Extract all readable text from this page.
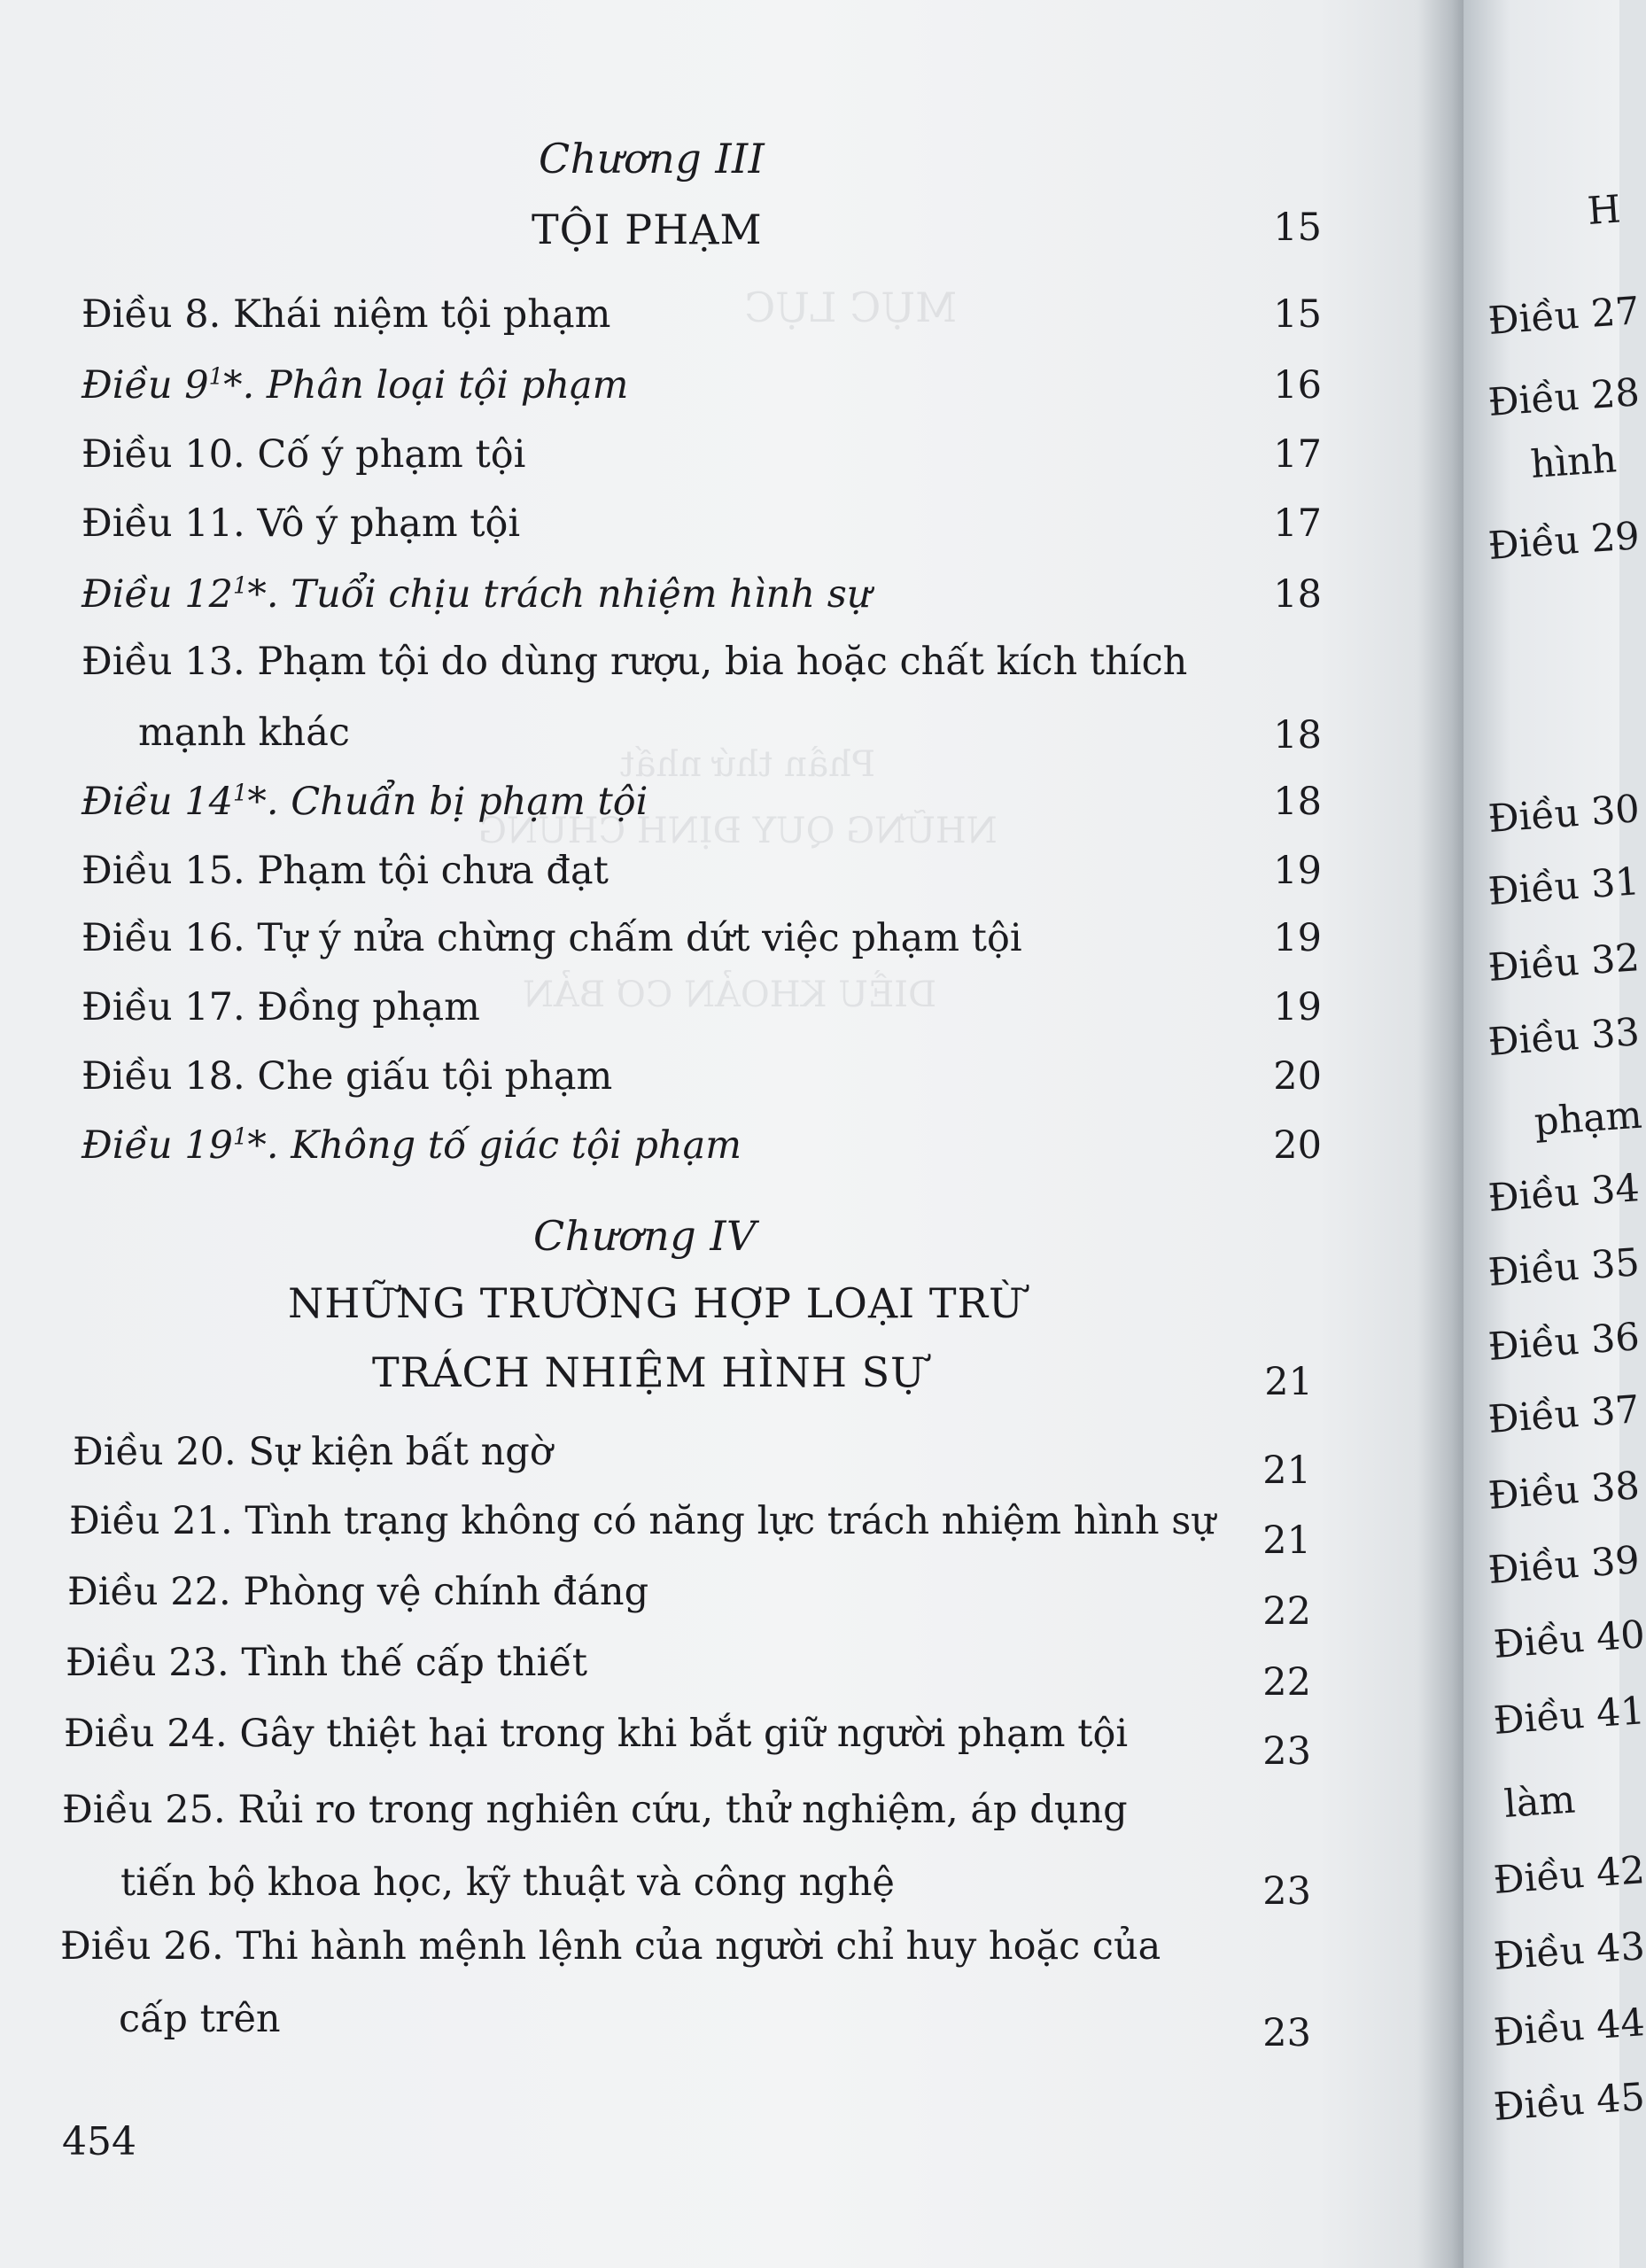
MỤC LỤC
Phần thứ nhất
NHỮNG QUY ĐỊNH CHUNG
DIỀU KHOẢN CƠ BẢN
Chương III
TỘI PHẠM	15
Điều 8. Khái niệm tội phạm	15
Điều $9^1*$. Phân loại tội phạm	16
Điều 10. Cố ý phạm tội	17
Điều 11. Vô ý phạm tội	17
Điều $12^1*$. Tuổi chịu trách nhiệm hình sự	18
Điều 13. Phạm tội do dùng rượu, bia hoặc chất kích thích
mạnh khác	18
Điều $14^1*$. Chuẩn bị phạm tội	18
Điều 15. Phạm tội chưa đạt	19
Điều 16. Tự ý nửa chừng chấm dứt việc phạm tội	19
Điều 17. Đồng phạm	19
Điều 18. Che giấu tội phạm	20
Điều $19^1*$. Không tố giác tội phạm	20
Chương IV
NHỮNG TRƯỜNG HỢP LOẠI TRỪ
TRÁCH NHIỆM HÌNH SỰ	21
Điều 20. Sự kiện bất ngờ	21
Điều 21. Tình trạng không có năng lực trách nhiệm hình sự	21
Điều 22. Phòng vệ chính đáng	22
Điều 23. Tình thế cấp thiết	22
Điều 24. Gây thiệt hại trong khi bắt giữ người phạm tội	23
Điều 25. Rủi ro trong nghiên cứu, thử nghiệm, áp dụng
tiến bộ khoa học, kỹ thuật và công nghệ	23
Điều 26. Thi hành mệnh lệnh của người chỉ huy hoặc của
cấp trên	23
454
H
Điều 27
Điều 28
hình
Điều 29
Điều 30
Điều 31
Điều 32
Điều 33
phạm
Điều 34
Điều 35
Điều 36
Điều 37
Điều 38
Điều 39
Điều 40
Điều 41
làm
Điều 42
Điều 43
Điều 44
Điều 45
